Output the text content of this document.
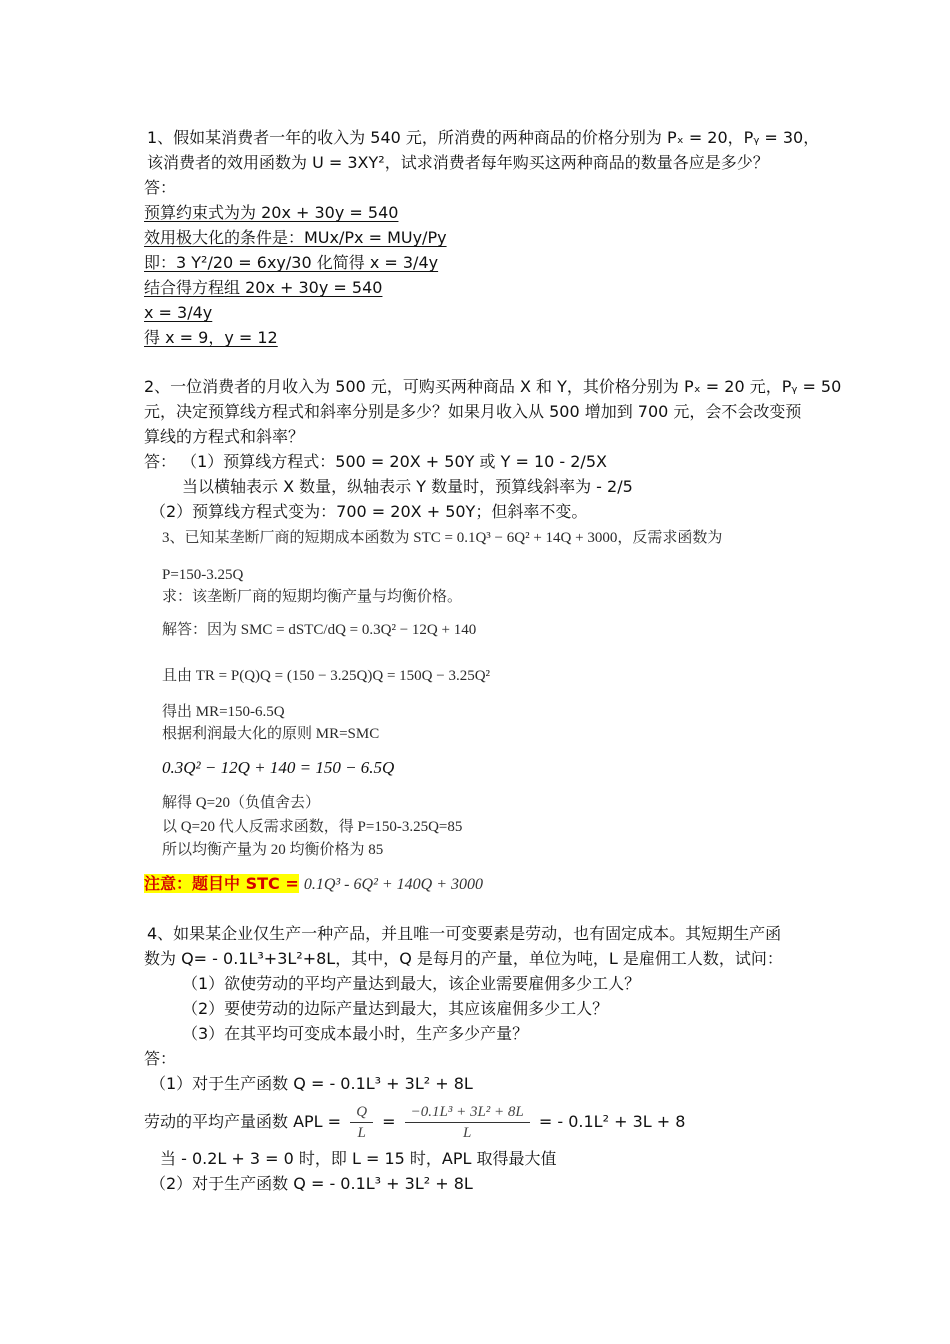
1、假如某消费者一年的收入为 540 元，所消费的两种商品的价格分别为 Pₓ = 20，Pᵧ = 30，
该消费者的效用函数为 U = 3XY²，试求消费者每年购买这两种商品的数量各应是多少？
答：
预算约束式为为 20x + 30y = 540
效用极大化的条件是：MUx/Px = MUy/Py
即：3 Y²/20 = 6xy/30 化简得 x = 3/4y
结合得方程组 20x + 30y = 540
x = 3/4y
得 x = 9，y = 12
2、一位消费者的月收入为 500 元，可购买两种商品 X 和 Y，其价格分别为 Pₓ = 20 元，Pᵧ = 50
元，决定预算线方程式和斜率分别是多少？如果月收入从 500 增加到 700 元，会不会改变预
算线的方程式和斜率？
答： （1）预算线方程式：500 = 20X + 50Y 或 Y = 10 - 2/5X
当以横轴表示 X 数量，纵轴表示 Y 数量时，预算线斜率为 - 2/5
（2）预算线方程式变为：700 = 20X + 50Y；但斜率不变。
3、已知某垄断厂商的短期成本函数为 STC = 0.1Q³ − 6Q² + 14Q + 3000，反需求函数为
P=150-3.25Q
求：该垄断厂商的短期均衡产量与均衡价格。
解答：因为 SMC = dSTC/dQ = 0.3Q² − 12Q + 140
且由 TR = P(Q)Q = (150 − 3.25Q)Q = 150Q − 3.25Q²
得出 MR=150-6.5Q
根据利润最大化的原则 MR=SMC
0.3Q² − 12Q + 140 = 150 − 6.5Q
解得 Q=20（负值舍去）
以 Q=20 代人反需求函数，得 P=150-3.25Q=85
所以均衡产量为 20 均衡价格为 85
注意：题目中 STC = 0.1Q³ - 6Q² + 140Q + 3000
4、如果某企业仅生产一种产品，并且唯一可变要素是劳动，也有固定成本。其短期生产函
数为 Q= - 0.1L³+3L²+8L，其中，Q 是每月的产量，单位为吨，L 是雇佣工人数，试问：
（1）欲使劳动的平均产量达到最大，该企业需要雇佣多少工人？
（2）要使劳动的边际产量达到最大，其应该雇佣多少工人？
（3）在其平均可变成本最小时，生产多少产量？
答：
（1）对于生产函数 Q = - 0.1L³ + 3L² + 8L
劳动的平均产量函数 APL = $\frac{Q}{L} = \frac{\text{−0.1L³ + 3L² + 8L}}{L}$ = - 0.1L² + 3L + 8
当 - 0.2L + 3 = 0 时，即 L = 15 时，APL 取得最大值
（2）对于生产函数 Q = - 0.1L³ + 3L² + 8L
